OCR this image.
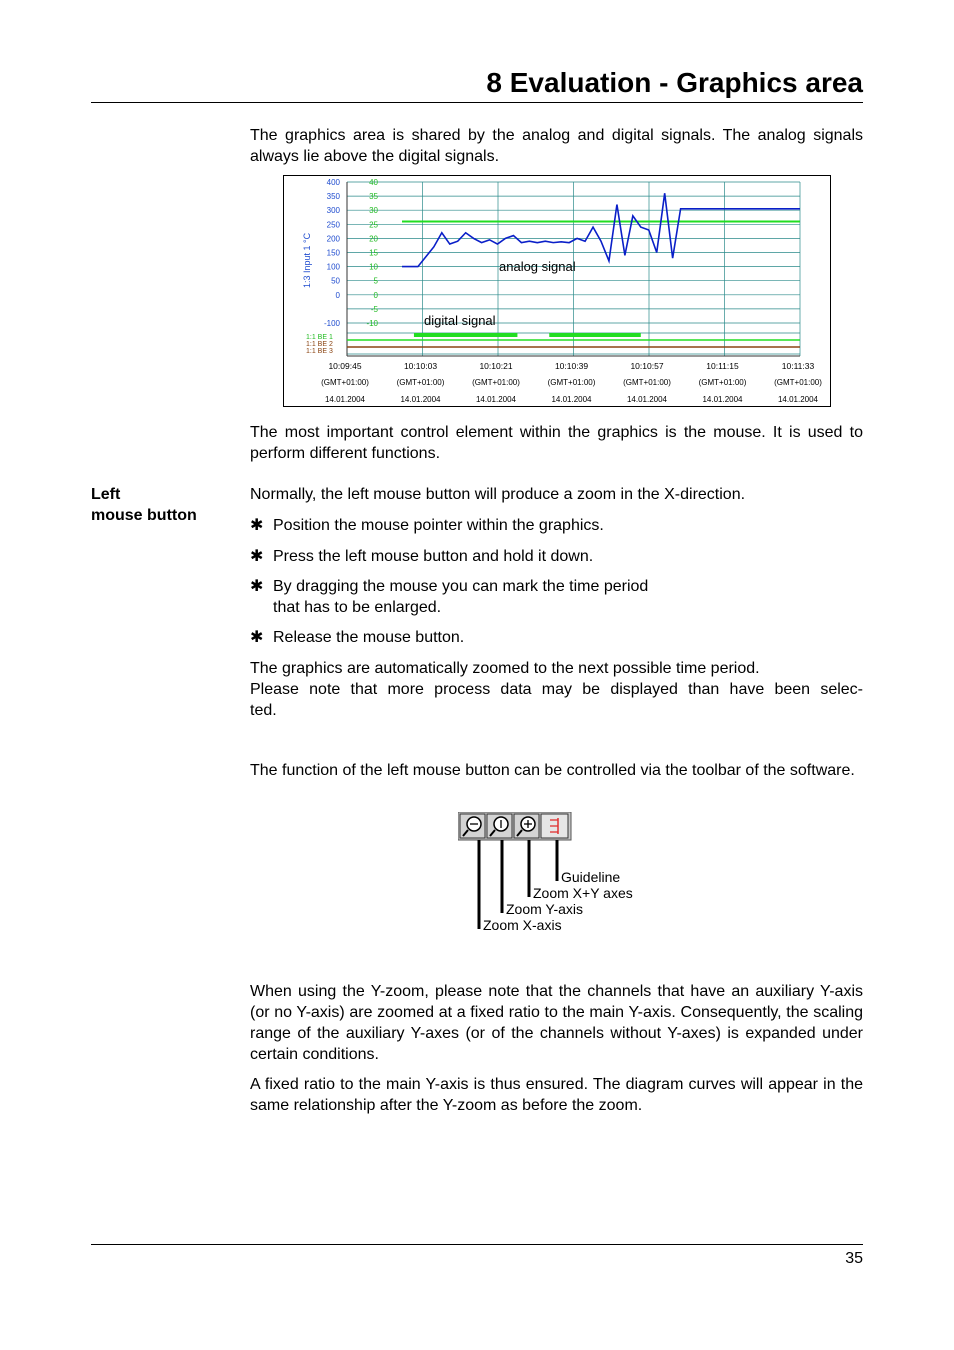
8 Evaluation - Graphics area

The graphics area is shared by the analog and digital signals. The analog signals always lie above the digital signals.

400
350
300
250
200
150
100
50
0
-100
40
35
30
25
20
15
10
5
0
-5
-10
1:3 Input 1 °C
1:1 BE 1
1:1 BE 2
1:1 BE 3
10:09:45
(GMT+01:00)
14.01.2004
10:10:03
(GMT+01:00)
14.01.2004
10:10:21
(GMT+01:00)
14.01.2004
10:10:39
(GMT+01:00)
14.01.2004
10:10:57
(GMT+01:00)
14.01.2004
10:11:15
(GMT+01:00)
14.01.2004
10:11:33
(GMT+01:00)
14.01.2004
analog signal
digital signal

The most important control element within the graphics is the mouse. It is used to perform different functions.

Left
mouse button

Normally, the left mouse button will produce a zoom in the X-direction.

✱ Position the mouse pointer within the graphics.
✱ Press the left mouse button and hold it down.
✱ By dragging the mouse you can mark the time period
that has to be enlarged.
✱ Release the mouse button.
The graphics are automatically zoomed to the next possible time period.
Please note that more process data may be displayed than have been selec-
ted.

The function of the left mouse button can be controlled via the toolbar of the software.

Guideline
Zoom X+Y axes
Zoom Y-axis
Zoom X-axis

When using the Y-zoom, please note that the channels that have an auxiliary Y-axis (or no Y-axis) are zoomed at a fixed ratio to the main Y-axis. Consequently, the scaling range of the auxiliary Y-axes (or of the channels without Y-axes) is expanded under certain conditions.

A fixed ratio to the main Y-axis is thus ensured. The diagram curves will appear in the same relationship after the Y-zoom as before the zoom.

35
